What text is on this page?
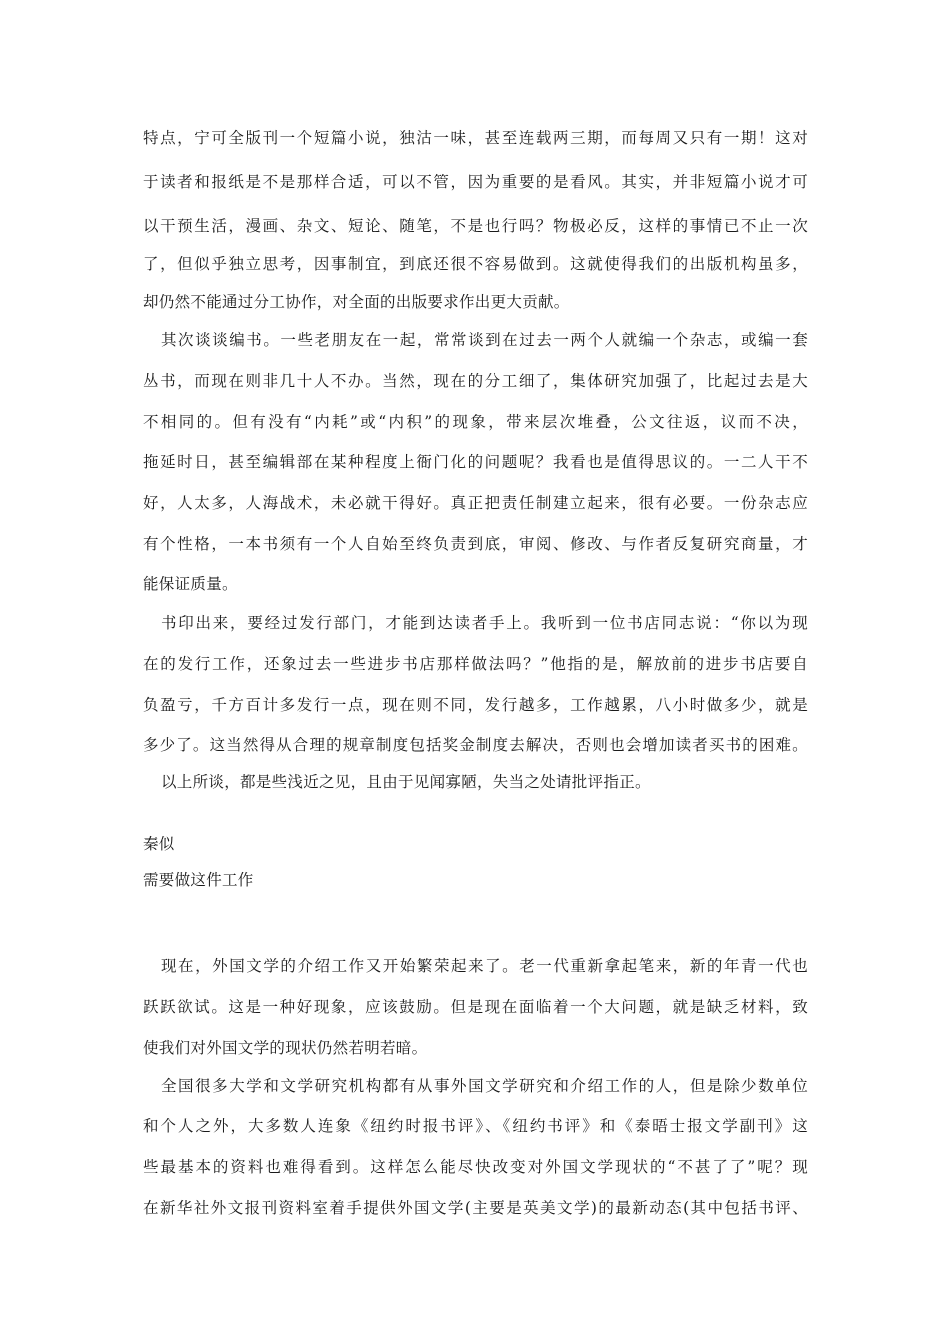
特点，宁可全版刊一个短篇小说，独沽一味，甚至连载两三期，而每周又只有一期！这对
于读者和报纸是不是那样合适，可以不管，因为重要的是看风。其实，并非短篇小说才可
以干预生活，漫画、杂文、短论、随笔，不是也行吗？物极必反，这样的事情已不止一次
了，但似乎独立思考，因事制宜，到底还很不容易做到。这就使得我们的出版机构虽多，
却仍然不能通过分工协作，对全面的出版要求作出更大贡献。
其次谈谈编书。一些老朋友在一起，常常谈到在过去一两个人就编一个杂志，或编一套
丛书，而现在则非几十人不办。当然，现在的分工细了，集体研究加强了，比起过去是大
不相同的。但有没有“内耗”或“内积”的现象，带来层次堆叠，公文往返，议而不决，
拖延时日，甚至编辑部在某种程度上衙门化的问题呢？我看也是值得思议的。一二人干不
好，人太多，人海战术，未必就干得好。真正把责任制建立起来，很有必要。一份杂志应
有个性格，一本书须有一个人自始至终负责到底，审阅、修改、与作者反复研究商量，才
能保证质量。
书印出来，要经过发行部门，才能到达读者手上。我听到一位书店同志说：“你以为现
在的发行工作，还象过去一些进步书店那样做法吗？”他指的是，解放前的进步书店要自
负盈亏，千方百计多发行一点，现在则不同，发行越多，工作越累，八小时做多少，就是
多少了。这当然得从合理的规章制度包括奖金制度去解决，否则也会增加读者买书的困难。
以上所谈，都是些浅近之见，且由于见闻寡陋，失当之处请批评指正。
秦似
需要做这件工作
现在，外国文学的介绍工作又开始繁荣起来了。老一代重新拿起笔来，新的年青一代也
跃跃欲试。这是一种好现象，应该鼓励。但是现在面临着一个大问题，就是缺乏材料，致
使我们对外国文学的现状仍然若明若暗。
全国很多大学和文学研究机构都有从事外国文学研究和介绍工作的人，但是除少数单位
和个人之外，大多数人连象《纽约时报书评》、《纽约书评》和《泰晤士报文学副刊》这
些最基本的资料也难得看到。这样怎么能尽快改变对外国文学现状的“不甚了了”呢？现
在新华社外文报刊资料室着手提供外国文学(主要是英美文学)的最新动态(其中包括书评、
